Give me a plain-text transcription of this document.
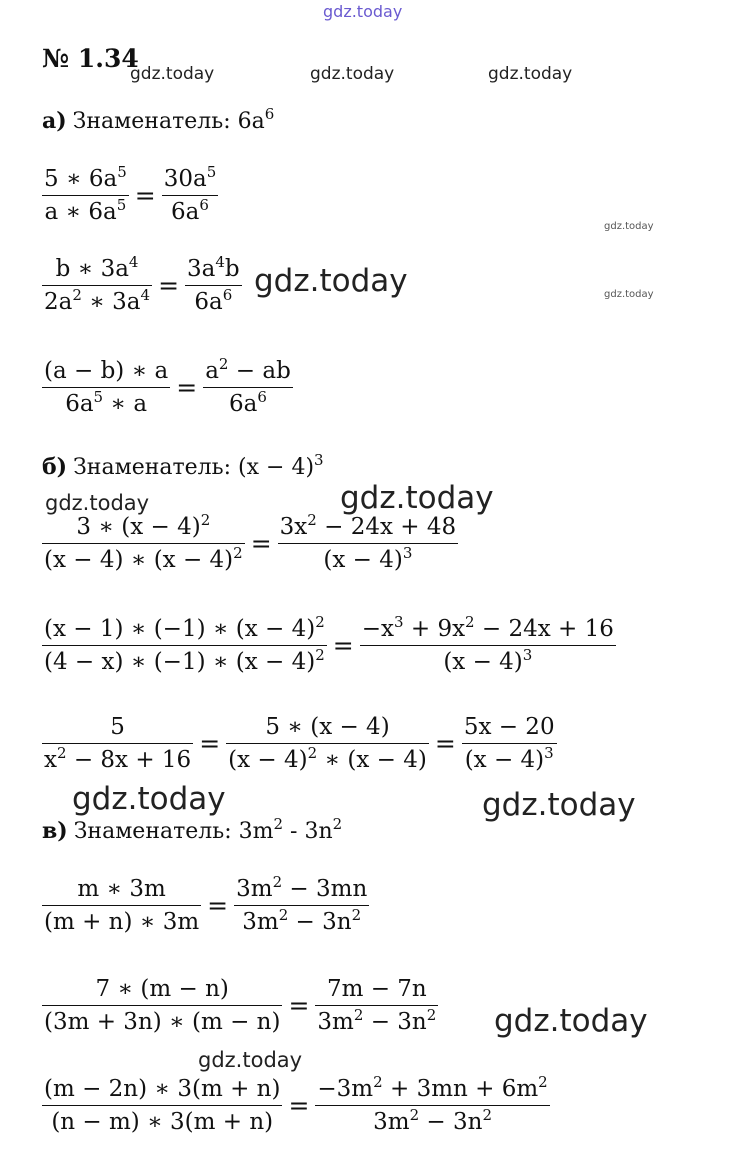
gdz.today
gdz.today	gdz.today	gdz.today
gdz.today
gdz.today
gdz.today
gdz.today	gdz.today
gdz.today	gdz.today
gdz.today
gdz.today
№ 1.34
а) Знаменатель: $6a^6$
$\frac{5 ∗ 6a^5}{a ∗ 6a^5} = \frac{30a^5}{6a^6}$
$\frac{b ∗ 3a^4}{2a^2 ∗ 3a^4} = \frac{3a^4b}{6a^6}$
$\frac{(a - b) ∗ a}{6a^5 ∗ a} = \frac{a^2 - ab}{6a^6}$
б) Знаменатель: $(x - 4)^3$
$\frac{3 ∗ (x - 4)^2}{(x - 4) ∗ (x - 4)^2} = \frac{3x^2 - 24x + 48}{(x - 4)^3}$
$\frac{(x - 1) ∗ (-1) ∗ (x - 4)^2}{(4 - x) ∗ (-1) ∗ (x - 4)^2} = \frac{-x^3 + 9x^2 - 24x + 16}{(x - 4)^3}$
$\frac{5}{x^2 - 8x + 16} = \frac{5 ∗ (x - 4)}{(x - 4)^2 ∗ (x - 4)} = \frac{5x - 20}{(x - 4)^3}$
в) Знаменатель: $3m^2 - 3n^2$
$\frac{m ∗ 3m}{(m + n) ∗ 3m} = \frac{3m^2 - 3mn}{3m^2 - 3n^2}$
$\frac{7 ∗ (m - n)}{(3m + 3n) ∗ (m - n)} = \frac{7m - 7n}{3m^2 - 3n^2}$
$\frac{(m - 2n) ∗ 3(m + n)}{(n - m) ∗ 3(m + n)} = \frac{-3m^2 + 3mn + 6m^2}{3m^2 - 3n^2}$
